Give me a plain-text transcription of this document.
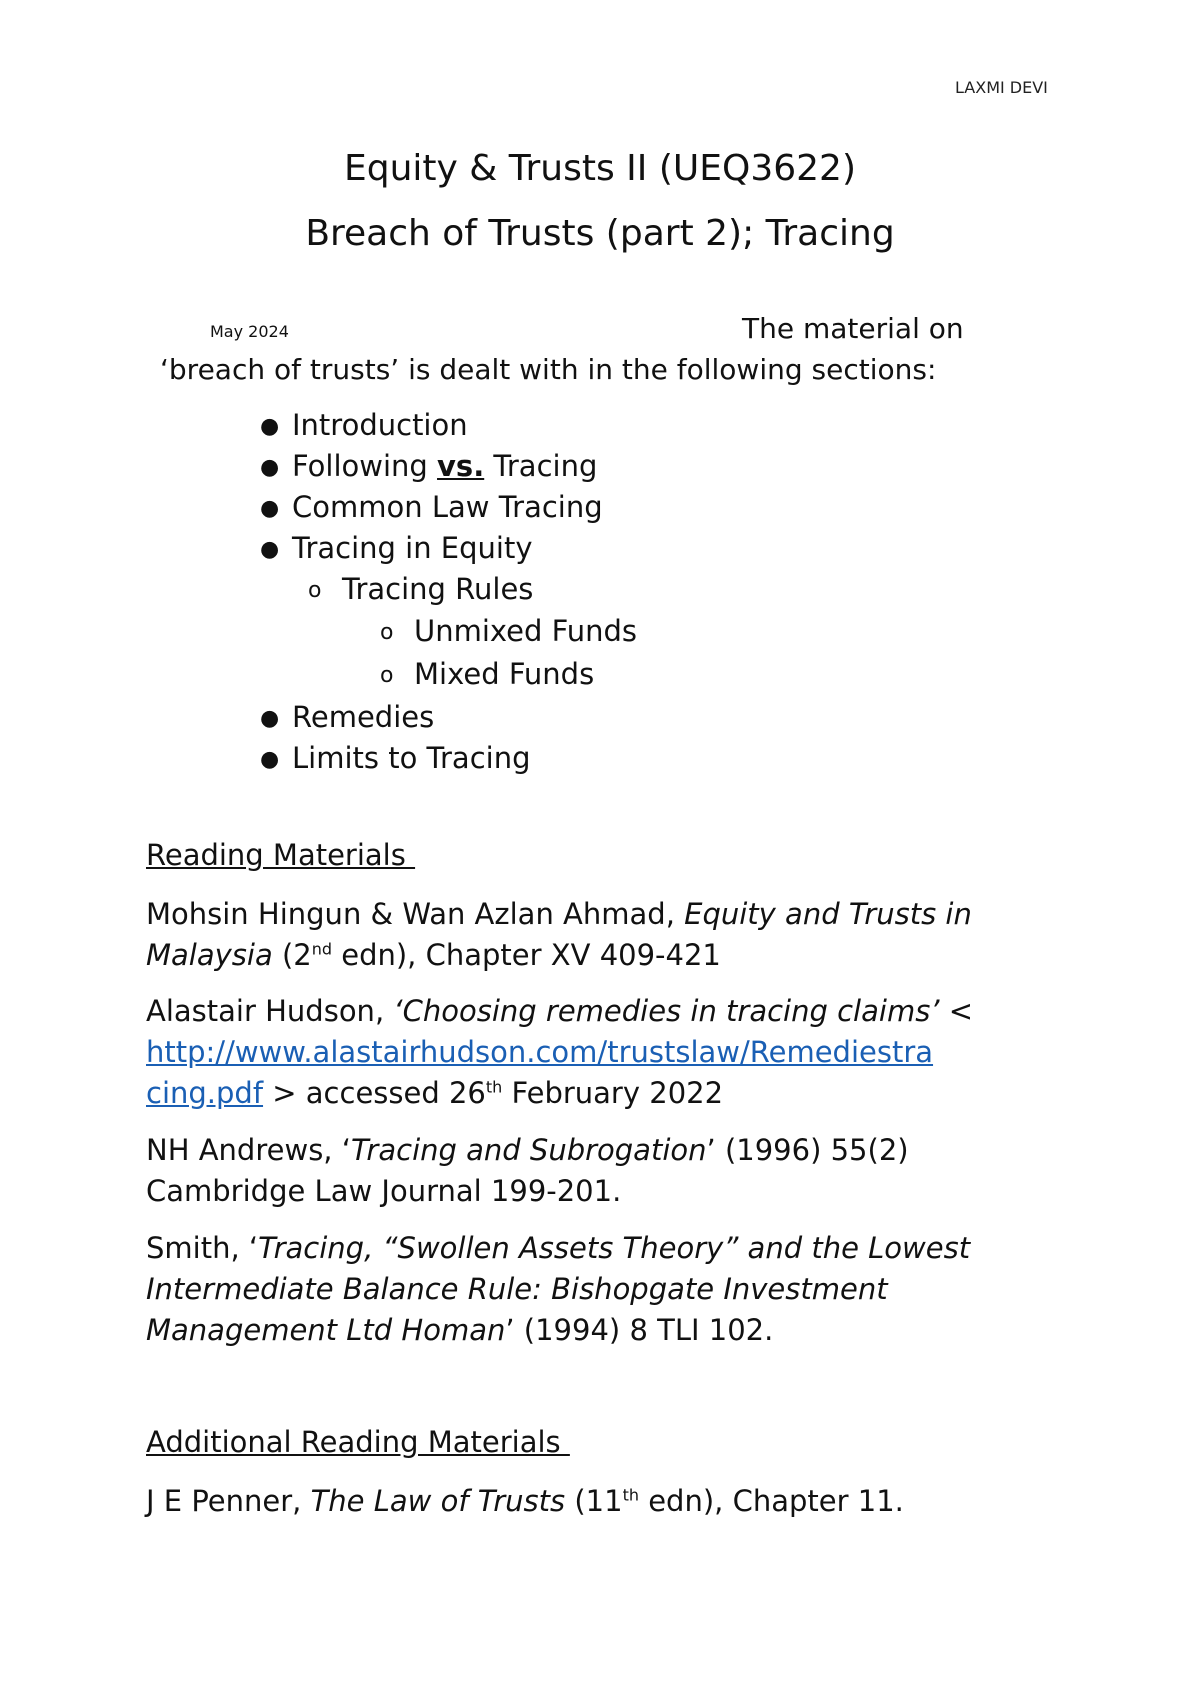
LAXMI DEVI
Equity & Trusts II (UEQ3622)
Breach of Trusts (part 2); Tracing
May 2024	The material on
‘breach of trusts’ is dealt with in the following sections:
● Introduction
● Following vs. Tracing
● Common Law Tracing
● Tracing in Equity
o Tracing Rules
o Unmixed Funds
o Mixed Funds
● Remedies
● Limits to Tracing
Reading Materials
Mohsin Hingun & Wan Azlan Ahmad, Equity and Trusts in Malaysia (2nd edn), Chapter XV 409-421
Alastair Hudson, ‘Choosing remedies in tracing claims’ <
http://www.alastairhudson.com/trustslaw/Remediestra
cing.pdf > accessed 26th February 2022
NH Andrews, ‘Tracing and Subrogation’ (1996) 55(2) Cambridge Law Journal 199-201.
Smith, ‘Tracing, “Swollen Assets Theory” and the Lowest Intermediate Balance Rule: Bishopgate Investment Management Ltd Homan’ (1994) 8 TLI 102.
Additional Reading Materials
J E Penner, The Law of Trusts (11th edn), Chapter 11.
